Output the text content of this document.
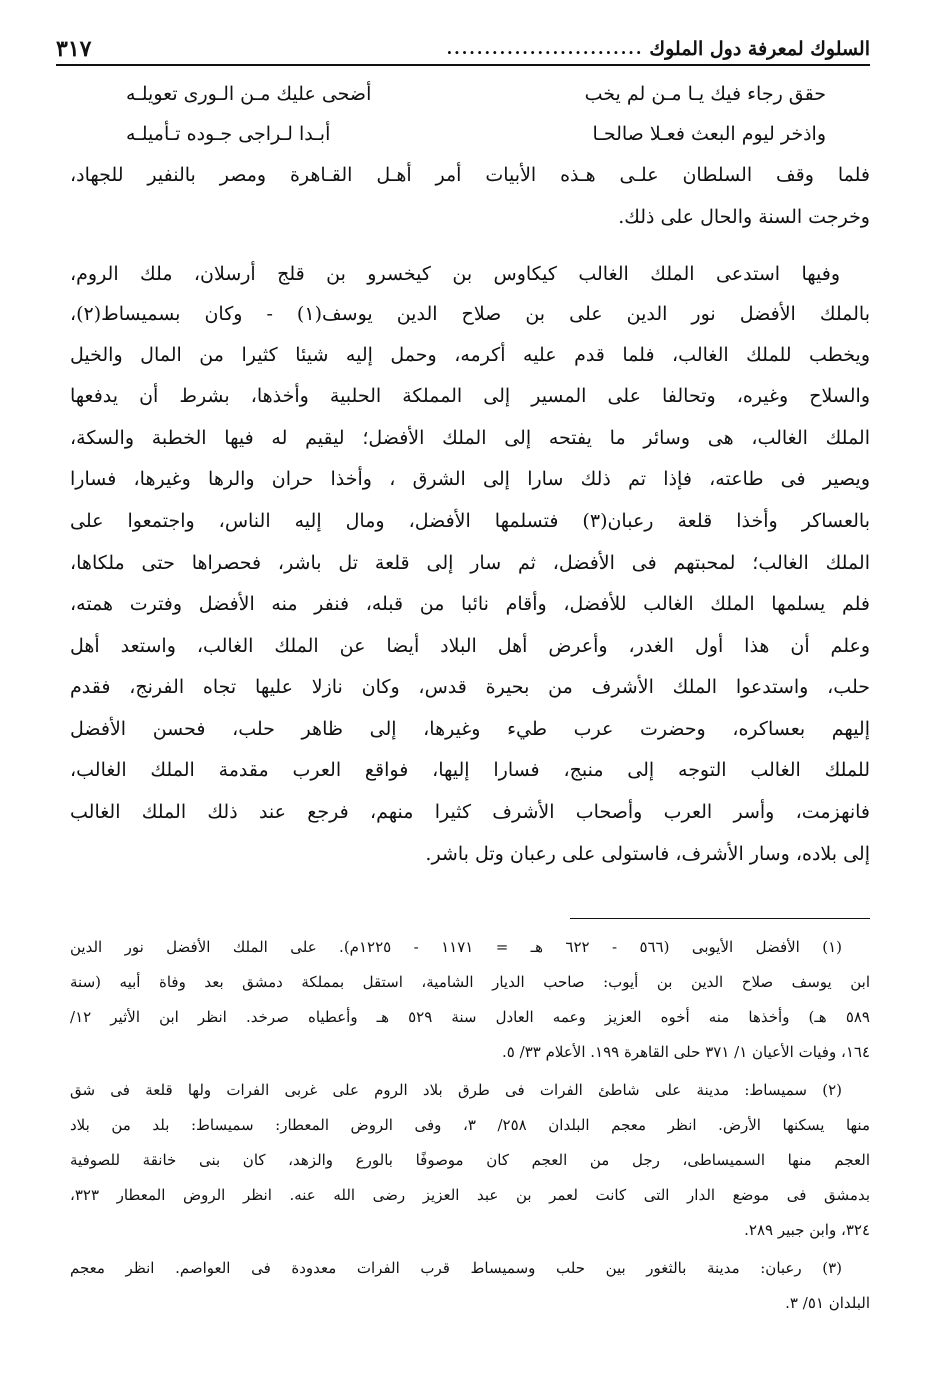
السلوك لمعرفة دول الملوك
..........................
٣١٧
حقق رجاء فيك يـا مـن لم يخب
أضحى عليك مـن الـورى تعويلـه
واذخر ليوم البعث فعـلا صالحـا
أبـدا لـراجى جـوده تـأميلـه
فلما وقف السلطان علـى هـذه الأبيات أمر أهـل القـاهرة ومصر بالنفير للجهاد،
وخرجت السنة والحال على ذلك.
وفيها استدعى الملك الغالب كيكاوس بن كيخسرو بن قلج أرسلان، ملك الروم،
بالملك الأفضل نور الدين على بن صلاح الدين يوسف(١) - وكان بسميساط(٢)،
ويخطب للملك الغالب، فلما قدم عليه أكرمه، وحمل إليه شيئا كثيرا من المال والخيل
والسلاح وغيره، وتحالفا على المسير إلى المملكة الحلبية وأخذها، بشرط أن يدفعها
الملك الغالب، هى وسائر ما يفتحه إلى الملك الأفضل؛ ليقيم له فيها الخطبة والسكة،
ويصير فى طاعته، فإذا تم ذلك سارا إلى الشرق ، وأخذا حران والرها وغيرها، فسارا
بالعساكر وأخذا قلعة رعبان(٣) فتسلمها الأفضل، ومال إليه الناس، واجتمعوا على
الملك الغالب؛ لمحبتهم فى الأفضل، ثم سار إلى قلعة تل باشر، فحصراها حتى ملكاها،
فلم يسلمها الملك الغالب للأفضل، وأقام نائبا من قبله، فنفر منه الأفضل وفترت همته،
وعلم أن هذا أول الغدر، وأعرض أهل البلاد أيضا عن الملك الغالب، واستعد أهل
حلب، واستدعوا الملك الأشرف من بحيرة قدس، وكان نازلا عليها تجاه الفرنج، فقدم
إليهم بعساكره، وحضرت عرب طيء وغيرها، إلى ظاهر حلب، فحسن الأفضل
للملك الغالب التوجه إلى منبج، فسارا إليها، فواقع العرب مقدمة الملك الغالب،
فانهزمت، وأسر العرب وأصحاب الأشرف كثيرا منهم، فرجع عند ذلك الملك الغالب
إلى بلاده، وسار الأشرف، فاستولى على رعبان وتل باشر.
(١) الأفضل الأيوبى (٥٦٦ - ٦٢٢ هـ = ١١٧١ - ١٢٢٥م). على الملك الأفضل نور الدين
ابن يوسف صلاح الدين بن أيوب: صاحب الديار الشامية، استقل بمملكة دمشق بعد وفاة أبيه (سنة
٥٨٩ هـ) وأخذها منه أخوه العزيز وعمه العادل سنة ٥٢٩ هـ وأعطياه صرخد. انظر ابن الأثير ١٢/
١٦٤، وفيات الأعيان ١/ ٣٧١ حلى القاهرة ١٩٩. الأعلام ٣٣/ ٥.
(٢) سميساط: مدينة على شاطئ الفرات فى طرق بلاد الروم على غربى الفرات ولها قلعة فى شق
منها يسكنها الأرض. انظر معجم البلدان ٢٥٨/ ٣، وفى الروض المعطار: سميساط: بلد من بلاد
العجم منها السميساطى، رجل من العجم كان موصوفًا بالورع والزهد، كان بنى خانقة للصوفية
بدمشق فى موضع الدار التى كانت لعمر بن عبد العزيز رضى الله عنه. انظر الروض المعطار ٣٢٣،
٣٢٤، وابن جبير ٢٨٩.
(٣) رعبان: مدينة بالثغور بين حلب وسميساط قرب الفرات معدودة فى العواصم. انظر معجم
البلدان ٥١/ ٣.
